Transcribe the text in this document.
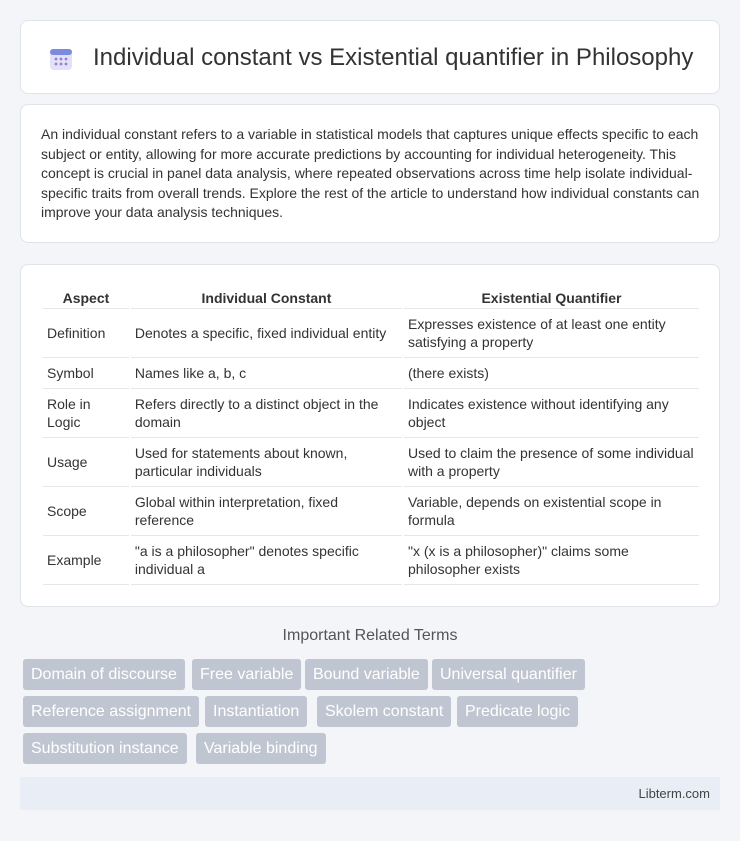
Individual constant vs Existential quantifier in Philosophy

An individual constant refers to a variable in statistical models that captures unique effects specific to each subject or entity, allowing for more accurate predictions by accounting for individual heterogeneity. This concept is crucial in panel data analysis, where repeated observations across time help isolate individual-specific traits from overall trends. Explore the rest of the article to understand how individual constants can improve your data analysis techniques.

Aspect	Individual Constant	Existential Quantifier
Definition	Denotes a specific, fixed individual entity	Expresses existence of at least one entity satisfying a property
Symbol	Names like a, b, c	(there exists)
Role in Logic	Refers directly to a distinct object in the domain	Indicates existence without identifying any object
Usage	Used for statements about known, particular individuals	Used to claim the presence of some individual with a property
Scope	Global within interpretation, fixed reference	Variable, depends on existential scope in formula
Example	"a is a philosopher" denotes specific individual a	"x (x is a philosopher)" claims some philosopher exists
Important Related Terms
Domain of discourse	Free variable	Bound variable	Universal quantifier
Reference assignment	Instantiation	Skolem constant	Predicate logic
Substitution instance	Variable binding
Libterm.com
